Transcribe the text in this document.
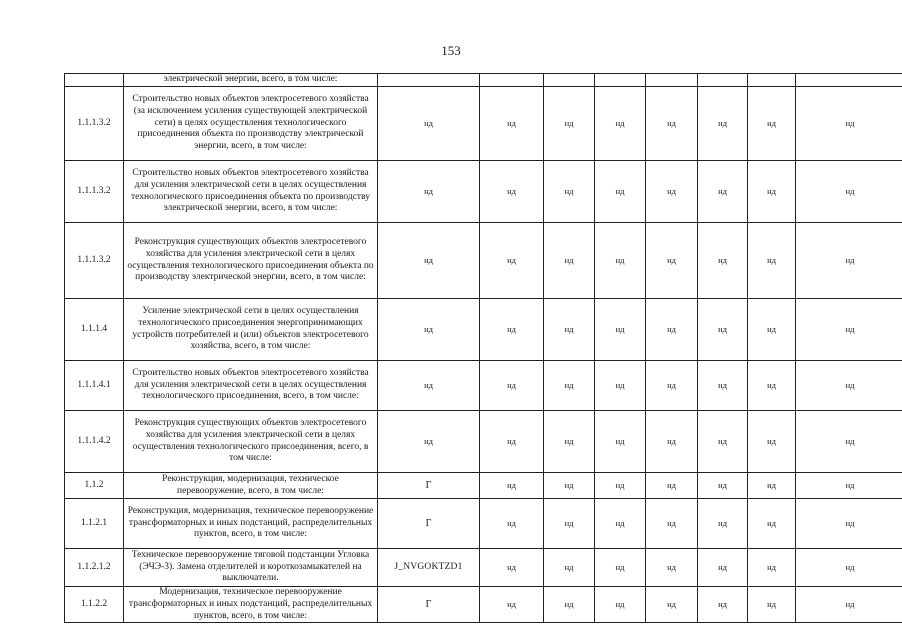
153
	электрической энергии, всего, в том числе:								
1.1.1.3.2	Строительство новых объектов электросетевого хозяйства (за исключением усиления существующей электрической сети) в целях осуществления технологического присоединения объекта по производству электрической энергии, всего, в том числе:	нд	нд	нд	нд	нд	нд	нд	нд
1.1.1.3.2	Строительство новых объектов электросетевого хозяйства для усиления электрической сети в целях осуществления технологического присоединения объекта по производству электрической энергии, всего, в том числе:	нд	нд	нд	нд	нд	нд	нд	нд
1.1.1.3.2	Реконструкция существующих объектов электросетевого хозяйства для усиления электрической сети в целях осуществления технологического присоединения объекта по производству электрической энергии, всего, в том числе:	нд	нд	нд	нд	нд	нд	нд	нд
1.1.1.4	Усиление электрической сети в целях осуществления технологического присоединения энергопринимающих устройств потребителей и (или) объектов электросетевого хозяйства, всего, в том числе:	нд	нд	нд	нд	нд	нд	нд	нд
1.1.1.4.1	Строительство новых объектов электросетевого хозяйства для усиления электрической сети в целях осуществления технологического присоединения, всего, в том числе:	нд	нд	нд	нд	нд	нд	нд	нд
1.1.1.4.2	Реконструкция существующих объектов электросетевого хозяйства для усиления электрической сети в целях осуществления технологического присоединения, всего, в том числе:	нд	нд	нд	нд	нд	нд	нд	нд
1.1.2	Реконструкция, модернизация, техническое перевооружение, всего, в том числе:	Г	нд	нд	нд	нд	нд	нд	нд
1.1.2.1	Реконструкция, модернизация, техническое перевооружение трансформаторных и иных подстанций, распределительных пунктов, всего, в том числе:	Г	нд	нд	нд	нд	нд	нд	нд
1.1.2.1.2	Техническое перевооружение тяговой подстанции Угловка (ЭЧЭ-3). Замена отделителей и короткозамыкателей на выключатели.	J_NVGOKTZD1	нд	нд	нд	нд	нд	нд	нд
1.1.2.2	Модернизация, техническое перевооружение трансформаторных и иных подстанций, распределительных пунктов, всего, в том числе:	Г	нд	нд	нд	нд	нд	нд	нд
